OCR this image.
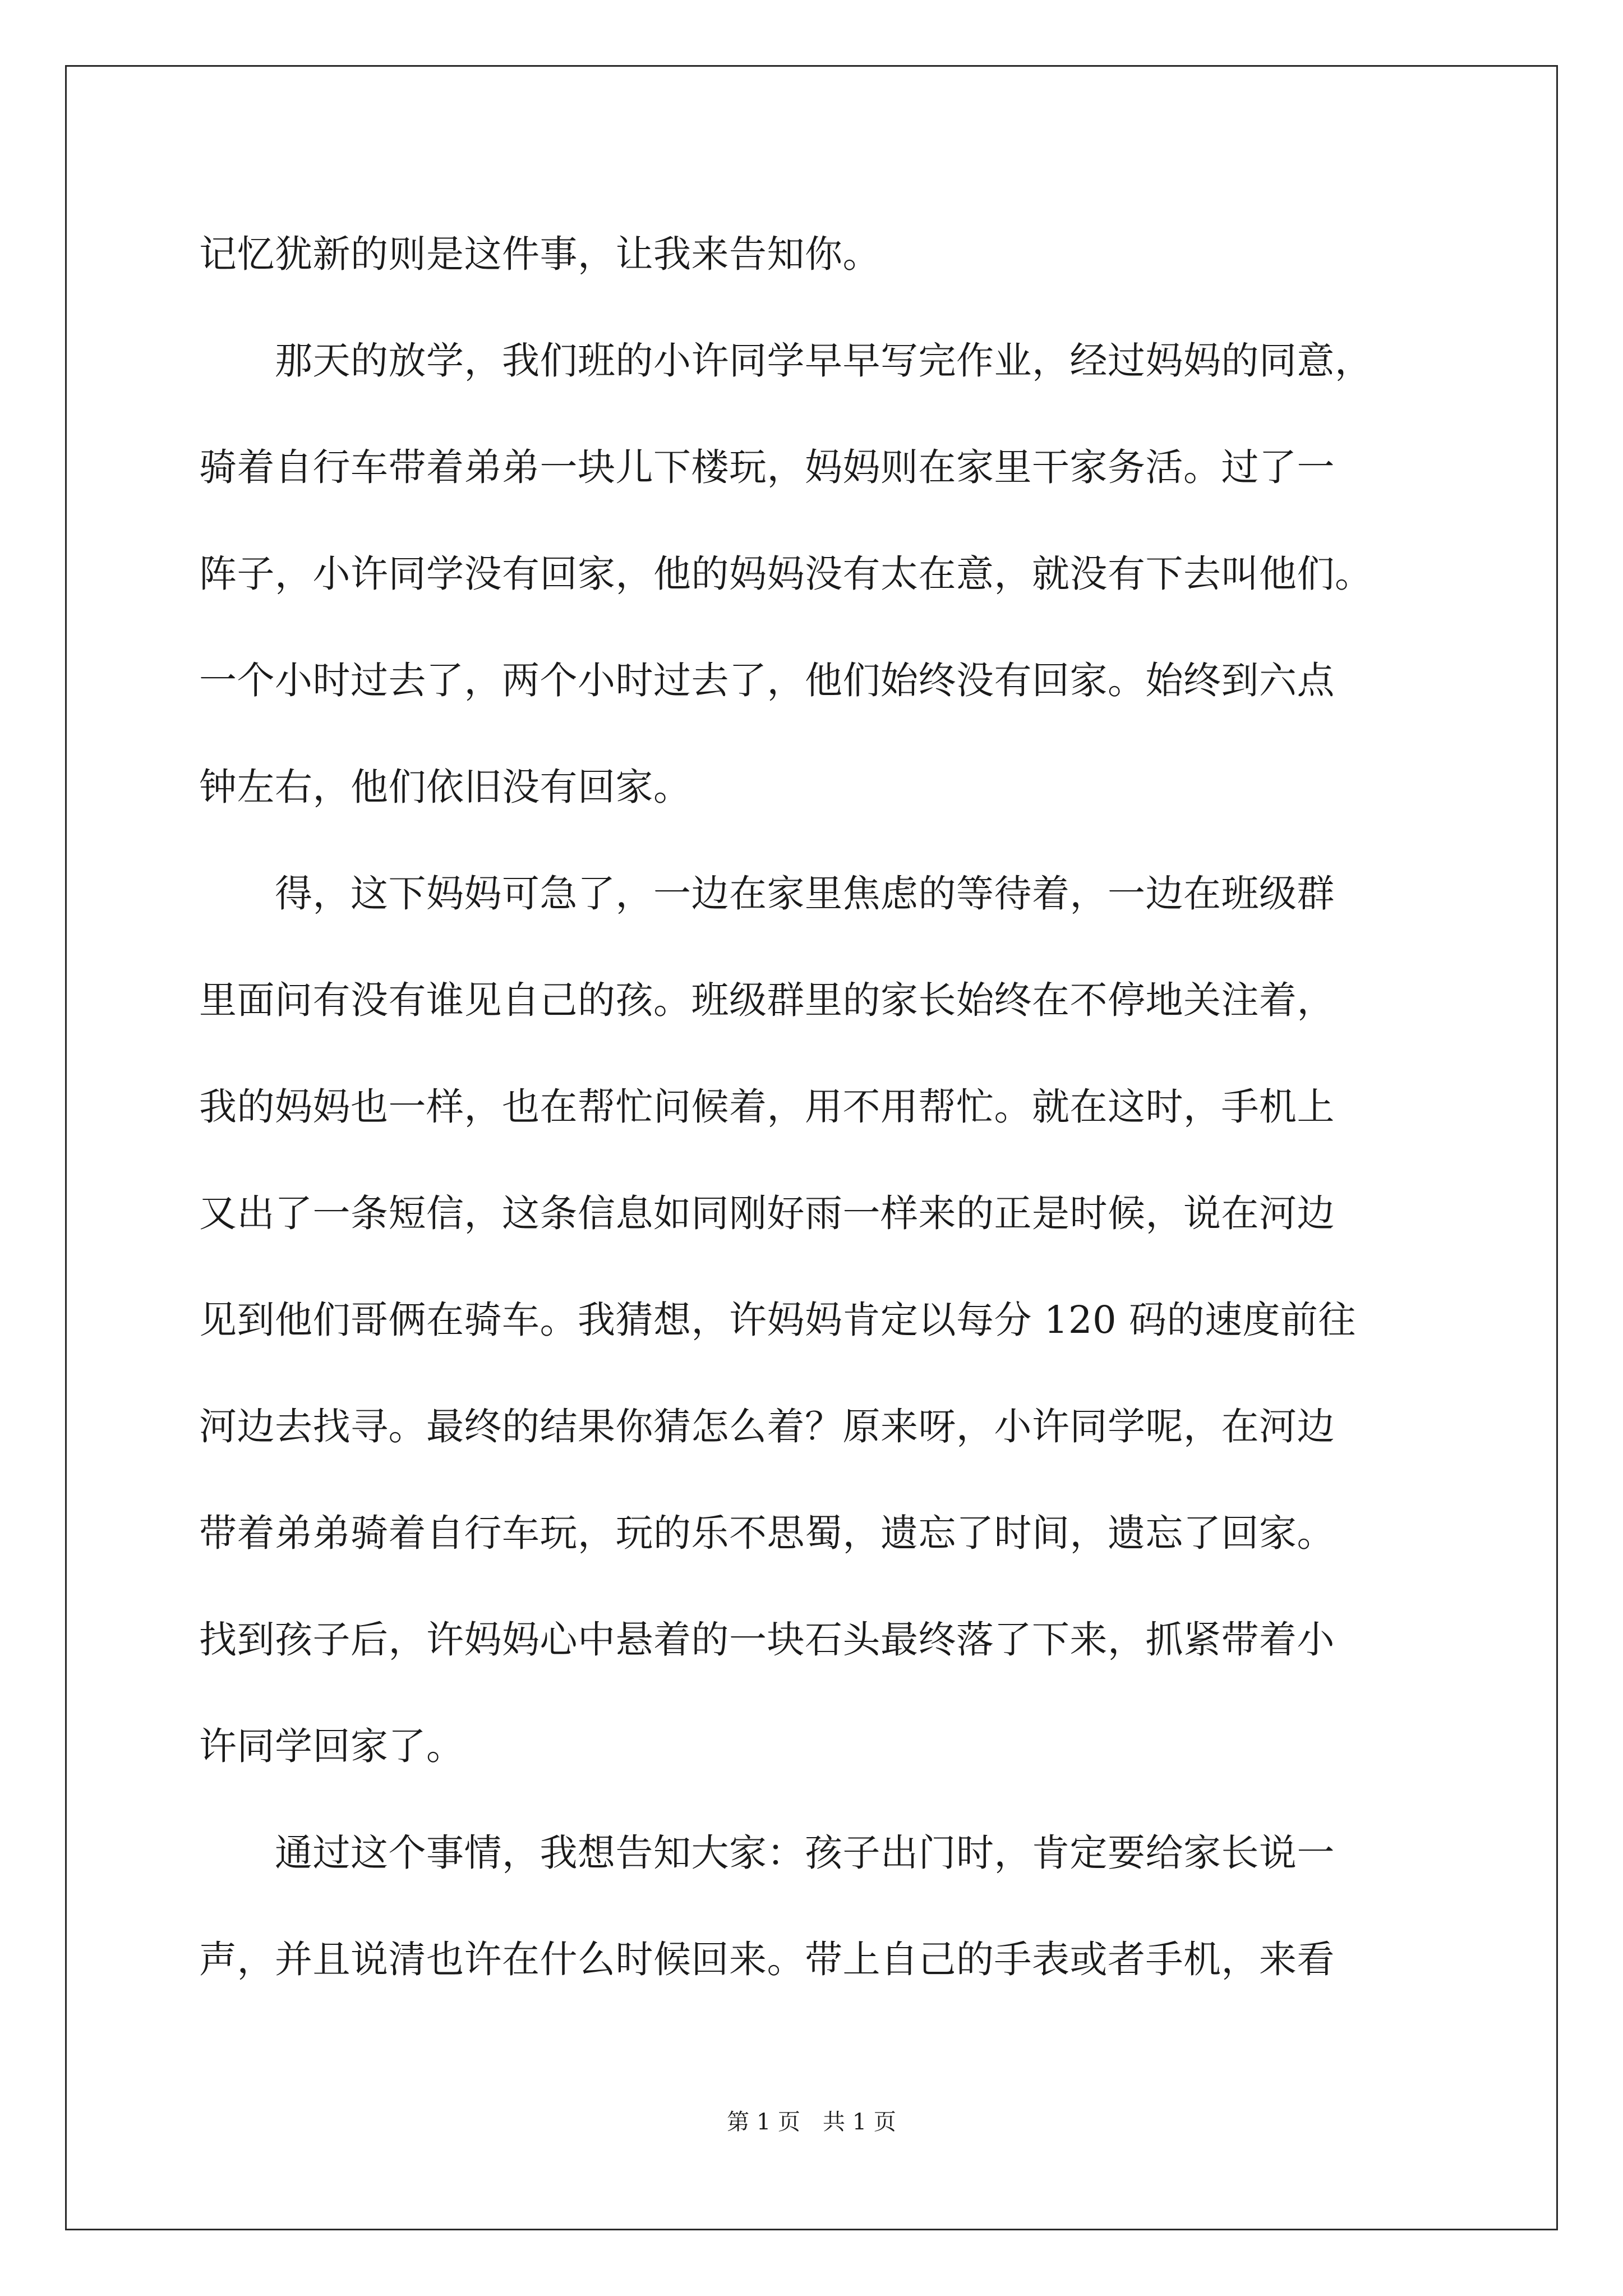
记忆犹新的则是这件事，让我来告知你。
　　那天的放学，我们班的小许同学早早写完作业，经过妈妈的同意，
骑着自行车带着弟弟一块儿下楼玩，妈妈则在家里干家务活。过了一
阵子，小许同学没有回家，他的妈妈没有太在意，就没有下去叫他们。
一个小时过去了，两个小时过去了，他们始终没有回家。始终到六点
钟左右，他们依旧没有回家。
　　得，这下妈妈可急了，一边在家里焦虑的等待着，一边在班级群
里面问有没有谁见自己的孩。班级群里的家长始终在不停地关注着，
我的妈妈也一样，也在帮忙问候着，用不用帮忙。就在这时，手机上
又出了一条短信，这条信息如同刚好雨一样来的正是时候，说在河边
见到他们哥俩在骑车。我猜想，许妈妈肯定以每分 120 码的速度前往
河边去找寻。最终的结果你猜怎么着？原来呀，小许同学呢，在河边
带着弟弟骑着自行车玩，玩的乐不思蜀，遗忘了时间，遗忘了回家。
找到孩子后，许妈妈心中悬着的一块石头最终落了下来，抓紧带着小
许同学回家了。
　　通过这个事情，我想告知大家：孩子出门时，肯定要给家长说一
声，并且说清也许在什么时候回来。带上自己的手表或者手机，来看
第 1 页　共 1 页
